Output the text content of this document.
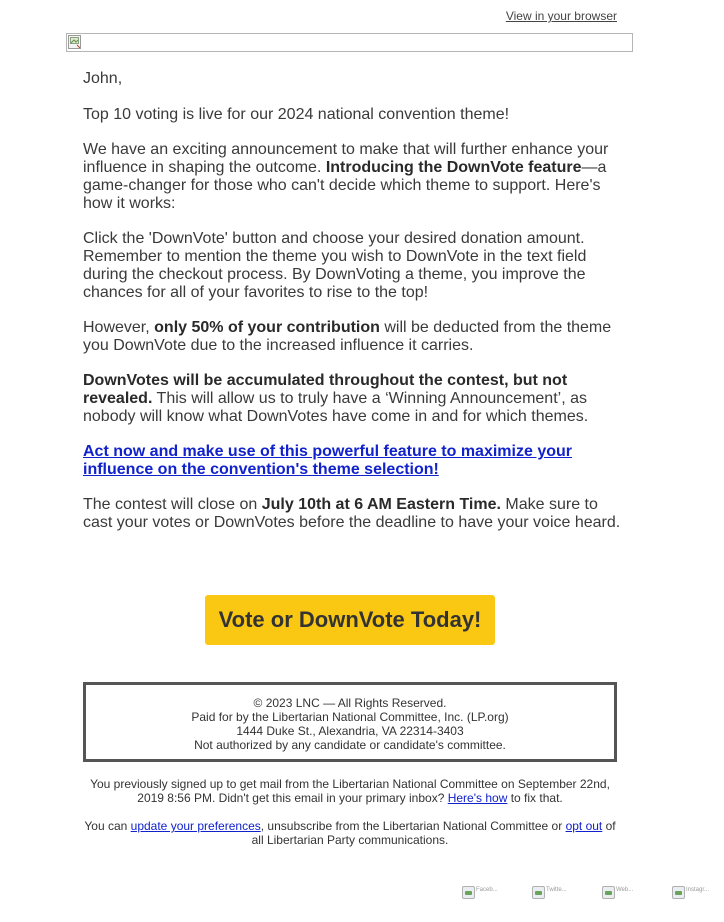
View in your browser

John,

Top 10 voting is live for our 2024 national convention theme!

We have an exciting announcement to make that will further enhance your influence in shaping the outcome. Introducing the DownVote feature—a game-changer for those who can't decide which theme to support. Here's how it works:

Click the 'DownVote' button and choose your desired donation amount. Remember to mention the theme you wish to DownVote in the text field during the checkout process. By DownVoting a theme, you improve the chances for all of your favorites to rise to the top!

However, only 50% of your contribution will be deducted from the theme you DownVote due to the increased influence it carries.

DownVotes will be accumulated throughout the contest, but not revealed. This will allow us to truly have a ‘Winning Announcement’, as nobody will know what DownVotes have come in and for which themes.

Act now and make use of this powerful feature to maximize your influence on the convention's theme selection!

The contest will close on July 10th at 6 AM Eastern Time. Make sure to cast your votes or DownVotes before the deadline to have your voice heard.

Vote or DownVote Today!
© 2023 LNC — All Rights Reserved.
Paid for by the Libertarian National Committee, Inc. (LP.org)
1444 Duke St., Alexandria, VA 22314-3403
Not authorized by any candidate or candidate's committee.

You previously signed up to get mail from the Libertarian National Committee on September 22nd, 2019 8:56 PM. Didn't get this email in your primary inbox? Here's how to fix that.

You can update your preferences, unsubscribe from the Libertarian National Committee or opt out of all Libertarian Party communications.

Faceb...	Twitte...	Web...	Instagr...
